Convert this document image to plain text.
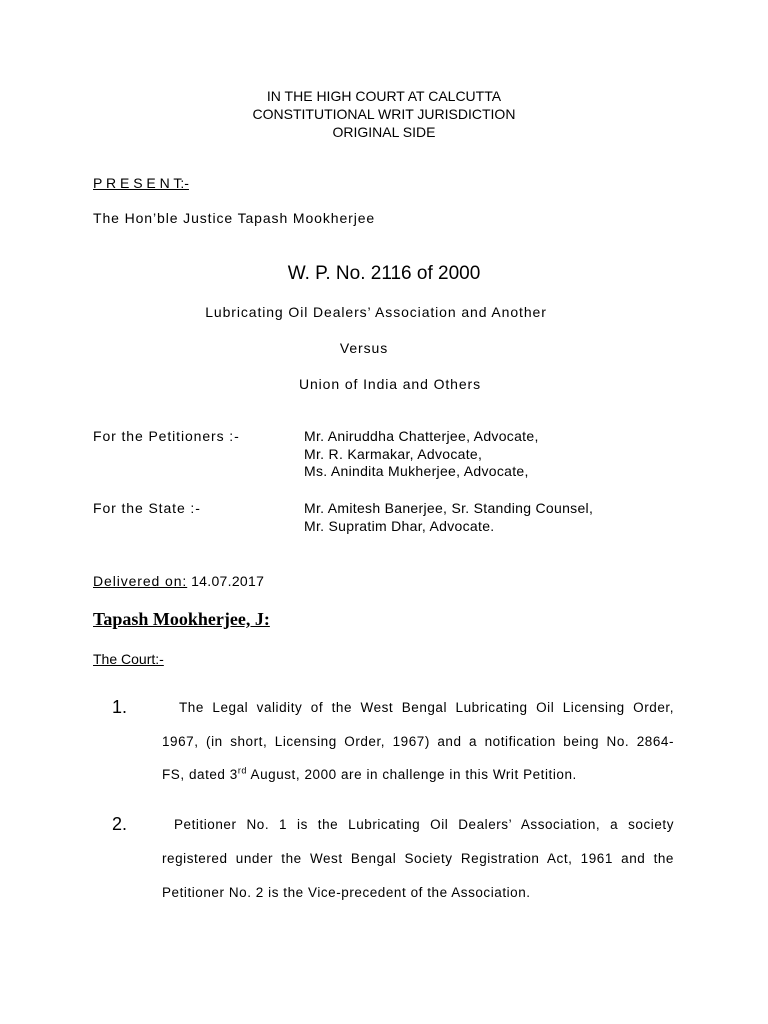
IN THE HIGH COURT AT CALCUTTA
CONSTITUTIONAL WRIT JURISDICTION
ORIGINAL SIDE
P R E S E N T:-
The Hon’ble Justice Tapash Mookherjee
W. P. No. 2116 of 2000
Lubricating Oil Dealers’ Association and Another
Versus
Union of India and Others
For the Petitioners :-	Mr. Aniruddha Chatterjee, Advocate,
Mr. R. Karmakar, Advocate,
Ms. Anindita Mukherjee, Advocate,
For the State :-	Mr. Amitesh Banerjee, Sr. Standing Counsel,
Mr. Supratim Dhar, Advocate.
Delivered on: 14.07.2017
Tapash Mookherjee, J:
The Court:-
1.	The Legal validity of the West Bengal Lubricating Oil Licensing Order,
1967, (in short, Licensing Order, 1967) and a notification being No. 2864-
FS, dated 3rd August, 2000 are in challenge in this Writ Petition.
2.	Petitioner No. 1 is the Lubricating Oil Dealers’ Association, a society
registered under the West Bengal Society Registration Act, 1961 and the
Petitioner No. 2 is the Vice-precedent of the Association.
